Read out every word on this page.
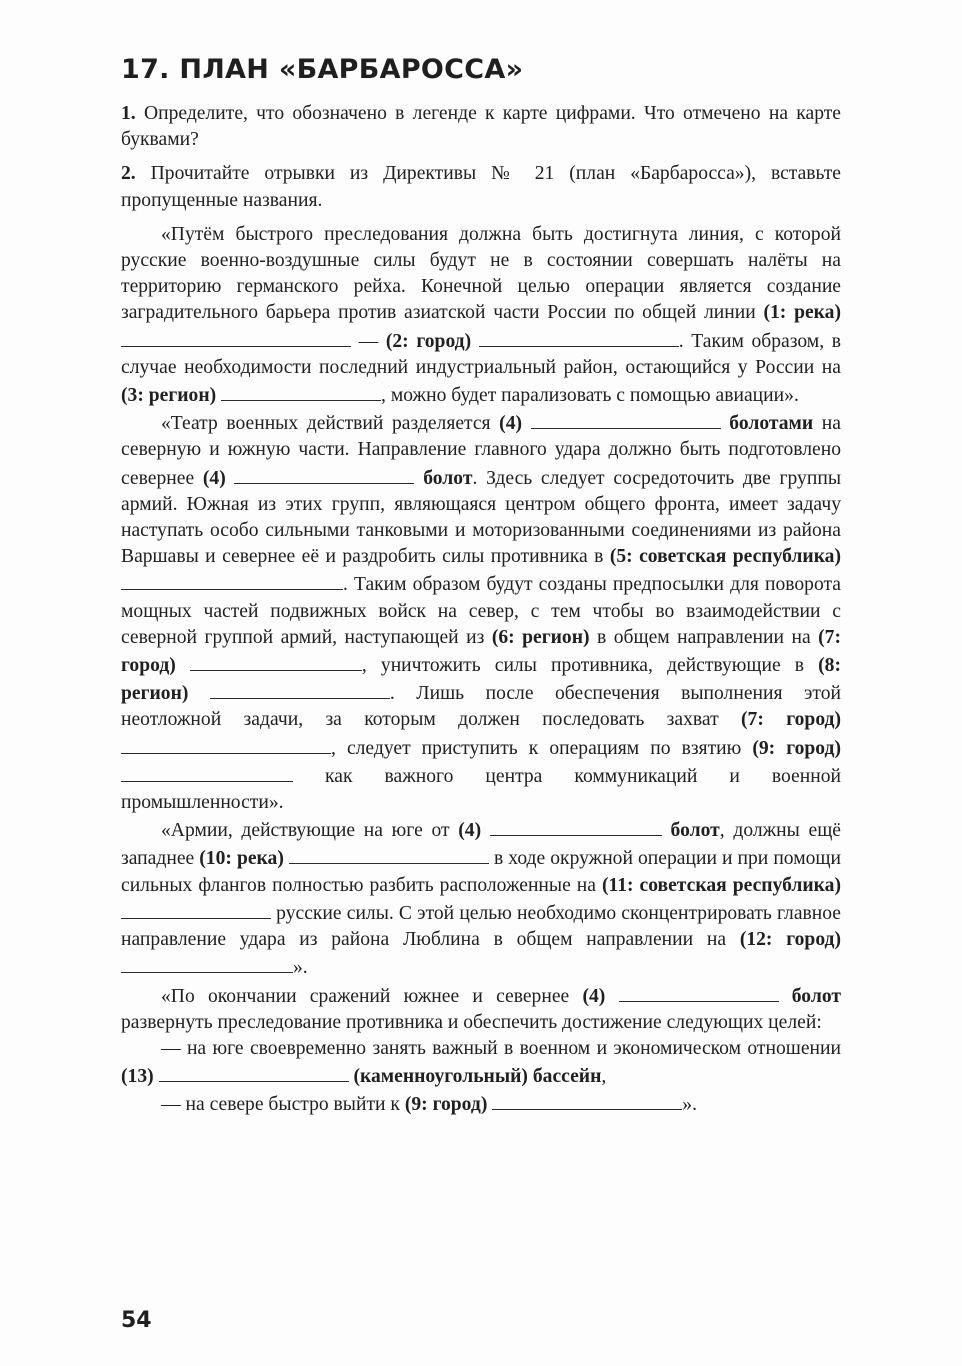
17. ПЛАН «БАРБАРОССА»

1. Определите, что обозначено в легенде к карте цифрами. Что отмечено на карте буквами?

2. Прочитайте отрывки из Директивы № 21 (план «Барбаросса»), вставьте пропущенные названия.

«Путём быстрого преследования должна быть достигнута линия, с которой русские военно-воздушные силы будут не в состоянии совершать налёты на территорию германского рейха. Конечной целью операции является создание заградительного барьера против азиатской части России по общей линии (1: река)  — (2: город)	. Таким образом, в случае необходимости последний индустриальный район, остающийся у России на (3: регион)	, можно будет парализовать с помощью авиации».

«Театр военных действий разделяется (4)	болотами на северную и южную части. Направление главного удара должно быть подготовлено севернее (4)	болот. Здесь следует сосредоточить две группы армий. Южная из этих групп, являющаяся центром общего фронта, имеет задачу наступать особо сильными танковыми и моторизованными соединениями из района Варшавы и севернее её и раздробить силы противника в (5: советская республика) . Таким образом будут созданы предпосылки для поворота мощных частей подвижных войск на север, с тем чтобы во взаимодействии с северной группой армий, наступающей из (6: регион) в общем направлении на (7: город)	, уничтожить силы противника, действующие в (8: регион)	. Лишь после обеспечения выполнения этой неотложной задачи, за которым должен последовать захват (7: город) , следует приступить к операциям по взятию (9: город)  как важного центра коммуникаций и военной промышленности».

«Армии, действующие на юге от (4)	болот, должны ещё западнее (10: река)	в ходе окружной операции и при помощи сильных флангов полностью разбить расположенные на (11: советская республика)  русские силы. С этой целью необходимо сконцентрировать главное направление удара из района Люблина в общем направлении на (12: город) ».

«По окончании сражений южнее и севернее (4)	болот развернуть преследование противника и обеспечить достижение следующих целей:

— на юге своевременно занять важный в военном и экономическом отношении (13)	(каменноугольный) бассейн,

— на севере быстро выйти к (9: город)	».

54
